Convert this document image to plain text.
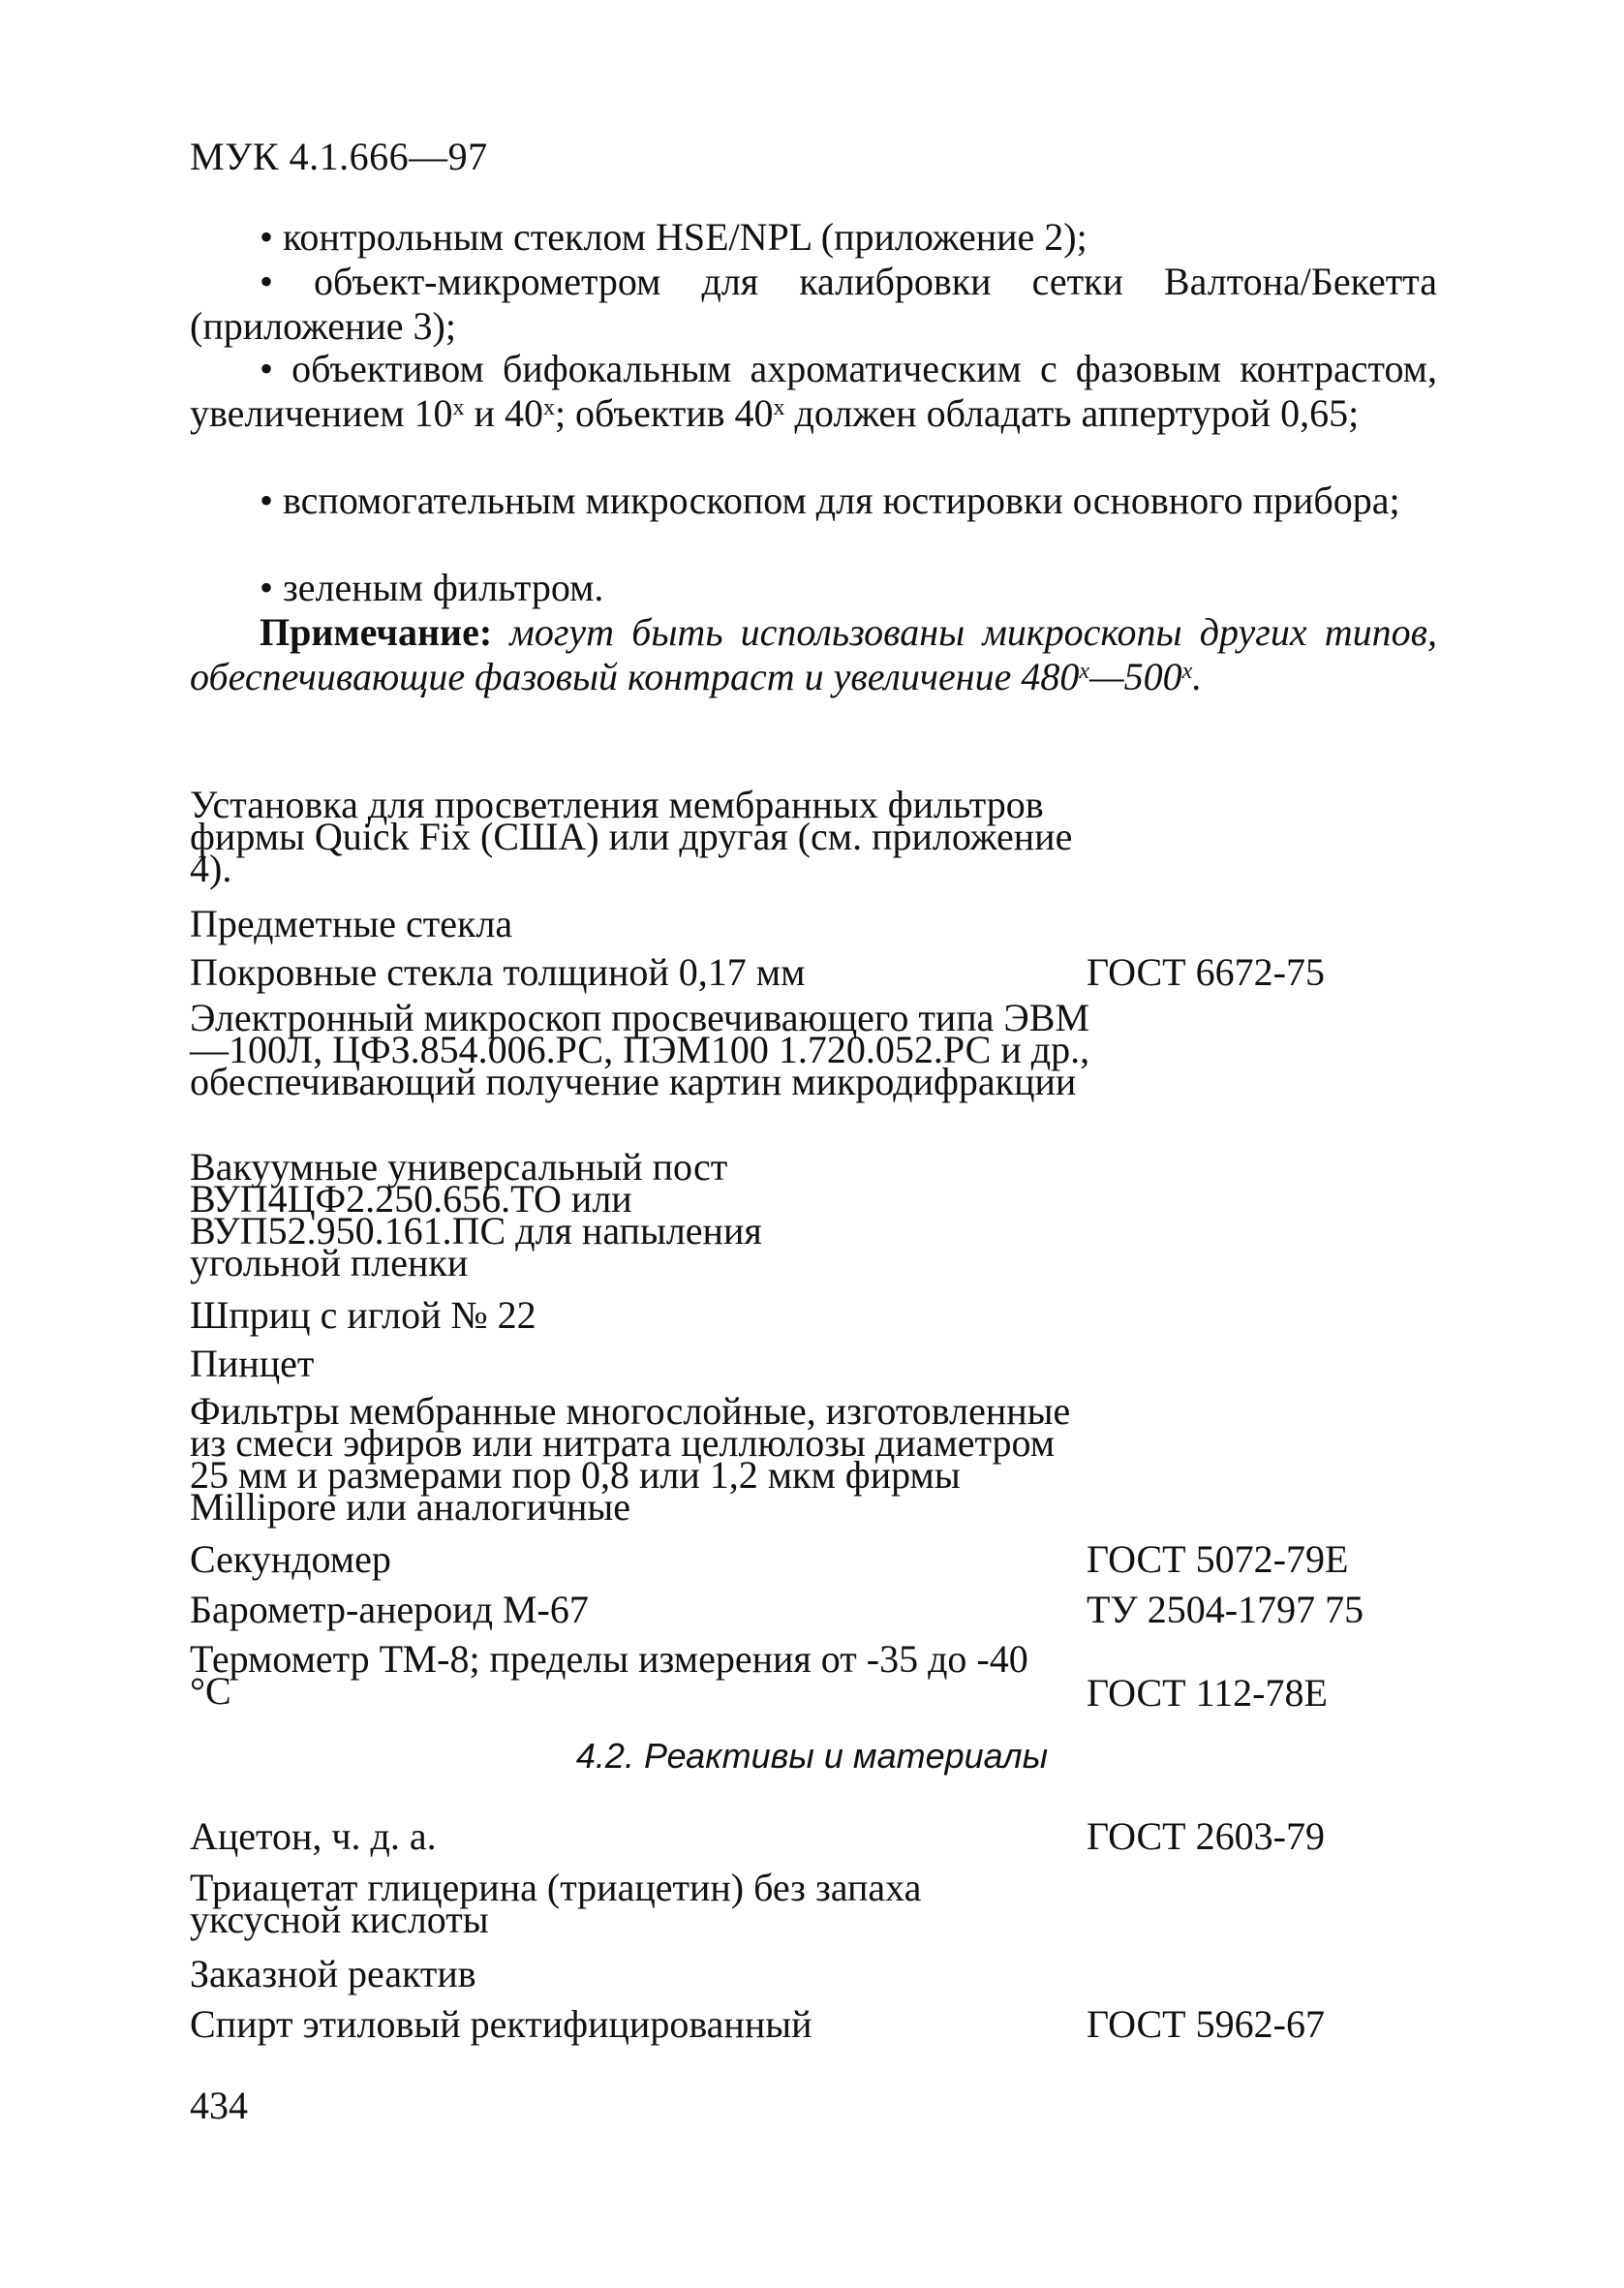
МУК 4.1.666—97
• контрольным стеклом HSE/NPL (приложение 2);
• объект-микрометром для калибровки сетки Валтона/Бекетта (приложение 3);
• объективом бифокальным ахроматическим с фазовым контрастом, увеличением 10$^x$ и 40$^x$; объектив 40$^x$ должен обладать аппертурой 0,65;
• вспомогательным микроскопом для юстировки основного прибора;
• зеленым фильтром.
Примечание: могут быть использованы микроскопы других типов, обеспечивающие фазовый контраст и увеличение 480$^x$—500$^x$.
Установка для просветления мембранных фильтров фирмы Quick Fix (США) или другая (см. приложение 4).
Предметные стекла
Покровные стекла толщиной 0,17 мм	ГОСТ 6672-75
Электронный микроскоп просвечивающего типа ЭВМ—100Л, ЦФЗ.854.006.РС, ПЭМ100 1.720.052.РС и др., обеспечивающий получение картин микродифракции
Вакуумные универсальный пост ВУП4ЦФ2.250.656.ТО или ВУП52.950.161.ПС для напыления угольной пленки
Шприц с иглой № 22
Пинцет
Фильтры мембранные многослойные, изготовленные из смеси эфиров или нитрата целлюлозы диаметром 25 мм и размерами пор 0,8 или 1,2 мкм фирмы Millipore или аналогичные
Секундомер	ГОСТ 5072-79Е
Барометр-анероид М-67	ТУ 2504-1797 75
Термометр ТМ-8; пределы измерения от -35 до -40 °С	ГОСТ 112-78Е
4.2. Реактивы и материалы
Ацетон, ч. д. а.	ГОСТ 2603-79
Триацетат глицерина (триацетин) без запаха уксусной кислоты
Заказной реактив
Спирт этиловый ректифицированный	ГОСТ 5962-67
434
